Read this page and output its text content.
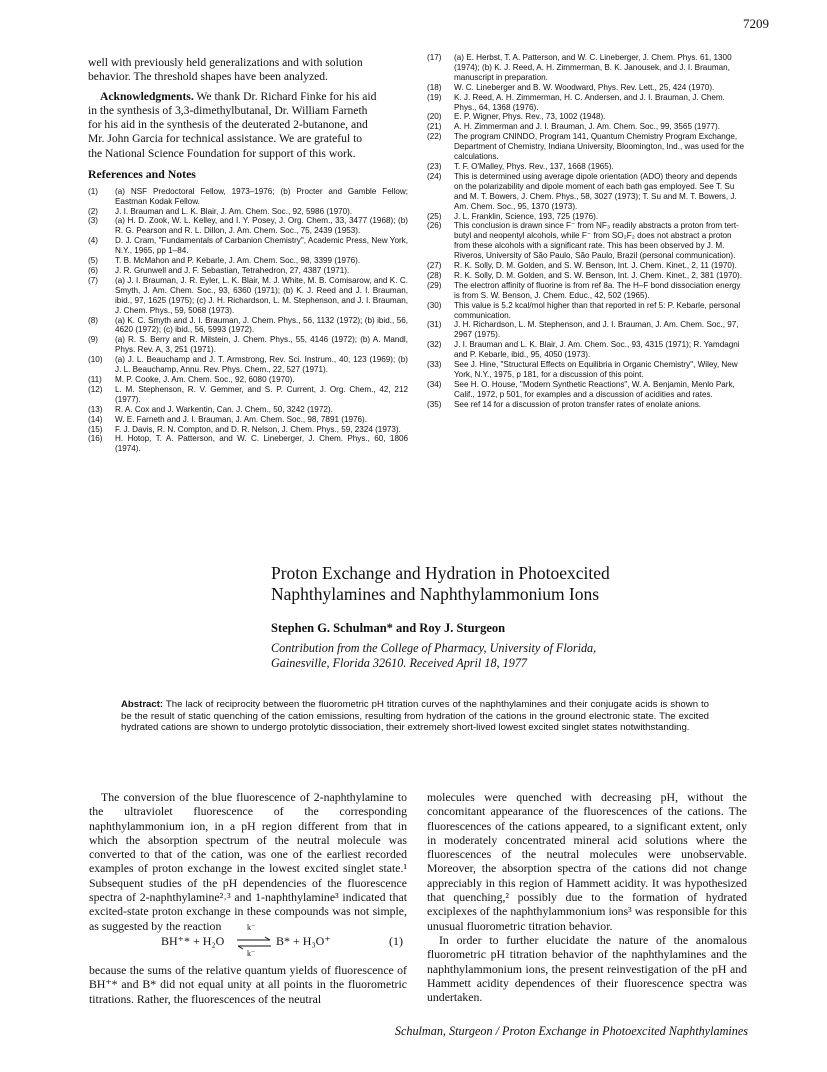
7209
well with previously held generalizations and with solution
behavior. The threshold shapes have been analyzed.
Acknowledgments. We thank Dr. Richard Finke for his aid
in the synthesis of 3,3-dimethylbutanal, Dr. William Farneth
for his aid in the synthesis of the deuterated 2-butanone, and
Mr. John Garcia for technical assistance. We are grateful to
the National Science Foundation for support of this work.
References and Notes
(1)	(a) NSF Predoctoral Fellow, 1973–1976; (b) Procter and Gamble Fellow; Eastman Kodak Fellow.
(2)	J. I. Brauman and L. K. Blair, J. Am. Chem. Soc., 92, 5986 (1970).
(3)	(a) H. D. Zook, W. L. Kelley, and I. Y. Posey, J. Org. Chem., 33, 3477 (1968); (b) R. G. Pearson and R. L. Dillon, J. Am. Chem. Soc., 75, 2439 (1953).
(4)	D. J. Cram, "Fundamentals of Carbanion Chemistry", Academic Press, New York, N.Y., 1965, pp 1–84.
(5)	T. B. McMahon and P. Kebarle, J. Am. Chem. Soc., 98, 3399 (1976).
(6)	J. R. Grunwell and J. F. Sebastian, Tetrahedron, 27, 4387 (1971).
(7)	(a) J. I. Brauman, J. R. Eyler, L. K. Blair, M. J. White, M. B. Comisarow, and K. C. Smyth, J. Am. Chem. Soc., 93, 6360 (1971); (b) K. J. Reed and J. I. Brauman, ibid., 97, 1625 (1975); (c) J. H. Richardson, L. M. Stephenson, and J. I. Brauman, J. Chem. Phys., 59, 5068 (1973).
(8)	(a) K. C. Smyth and J. I. Brauman, J. Chem. Phys., 56, 1132 (1972); (b) ibid., 56, 4620 (1972); (c) ibid., 56, 5993 (1972).
(9)	(a) R. S. Berry and R. Milstein, J. Chem. Phys., 55, 4146 (1972); (b) A. Mandl, Phys. Rev. A, 3, 251 (1971).
(10)	(a) J. L. Beauchamp and J. T. Armstrong, Rev. Sci. Instrum., 40, 123 (1969); (b) J. L. Beauchamp, Annu. Rev. Phys. Chem., 22, 527 (1971).
(11)	M. P. Cooke, J. Am. Chem. Soc., 92, 6080 (1970).
(12)	L. M. Stephenson, R. V. Gemmer, and S. P. Current, J. Org. Chem., 42, 212 (1977).
(13)	R. A. Cox and J. Warkentin, Can. J. Chem., 50, 3242 (1972).
(14)	W. E. Farneth and J. I. Brauman, J. Am. Chem. Soc., 98, 7891 (1976).
(15)	F. J. Davis, R. N. Compton, and D. R. Nelson, J. Chem. Phys., 59, 2324 (1973).
(16)	H. Hotop, T. A. Patterson, and W. C. Lineberger, J. Chem. Phys., 60, 1806 (1974).
(17)	(a) E. Herbst, T. A. Patterson, and W. C. Lineberger, J. Chem. Phys. 61, 1300 (1974); (b) K. J. Reed, A. H. Zimmerman, B. K. Janousek, and J. I. Brauman, manuscript in preparation.
(18)	W. C. Lineberger and B. W. Woodward, Phys. Rev. Lett., 25, 424 (1970).
(19)	K. J. Reed, A. H. Zimmerman, H. C. Andersen, and J. I. Brauman, J. Chem. Phys., 64, 1368 (1976).
(20)	E. P. Wigner, Phys. Rev., 73, 1002 (1948).
(21)	A. H. Zimmerman and J. I. Brauman, J. Am. Chem. Soc., 99, 3565 (1977).
(22)	The program CNINDO, Program 141, Quantum Chemistry Program Exchange, Department of Chemistry, Indiana University, Bloomington, Ind., was used for the calculations.
(23)	T. F. O'Malley, Phys. Rev., 137, 1668 (1965).
(24)	This is determined using average dipole orientation (ADO) theory and depends on the polarizability and dipole moment of each bath gas employed. See T. Su and M. T. Bowers, J. Chem. Phys., 58, 3027 (1973); T. Su and M. T. Bowers, J. Am. Chem. Soc., 95, 1370 (1973).
(25)	J. L. Franklin, Science, 193, 725 (1976).
(26)	This conclusion is drawn since F⁻ from NF₃ readily abstracts a proton from tert-butyl and neopentyl alcohols, while F⁻ from SO₂F₂ does not abstract a proton from these alcohols with a significant rate. This has been observed by J. M. Riveros, University of São Paulo, São Paulo, Brazil (personal communication).
(27)	R. K. Solly, D. M. Golden, and S. W. Benson, Int. J. Chem. Kinet., 2, 11 (1970).
(28)	R. K. Solly, D. M. Golden, and S. W. Benson, Int. J. Chem. Kinet., 2, 381 (1970).
(29)	The electron affinity of fluorine is from ref 8a. The H–F bond dissociation energy is from S. W. Benson, J. Chem. Educ., 42, 502 (1965).
(30)	This value is 5.2 kcal/mol higher than that reported in ref 5: P. Kebarle, personal communication.
(31)	J. H. Richardson, L. M. Stephenson, and J. I. Brauman, J. Am. Chem. Soc., 97, 2967 (1975).
(32)	J. I. Brauman and L. K. Blair, J. Am. Chem. Soc., 93, 4315 (1971); R. Yamdagni and P. Kebarle, ibid., 95, 4050 (1973).
(33)	See J. Hine, "Structural Effects on Equilibria in Organic Chemistry", Wiley, New York, N.Y., 1975, p 181, for a discussion of this point.
(34)	See H. O. House, "Modern Synthetic Reactions", W. A. Benjamin, Menlo Park, Calif., 1972, p 501, for examples and a discussion of acidities and rates.
(35)	See ref 14 for a discussion of proton transfer rates of enolate anions.
Proton Exchange and Hydration in Photoexcited
Naphthylamines and Naphthylammonium Ions
Stephen G. Schulman* and Roy J. Sturgeon
Contribution from the College of Pharmacy, University of Florida,
Gainesville, Florida 32610. Received April 18, 1977
Abstract: The lack of reciprocity between the fluorometric pH titration curves of the naphthylamines and their conjugate acids is shown to be the result of static quenching of the cation emissions, resulting from hydration of the cations in the ground electronic state. The excited hydrated cations are shown to undergo protolytic dissociation, their extremely short-lived lowest excited singlet states notwithstanding.
The conversion of the blue fluorescence of 2-naphthylamine to the ultraviolet fluorescence of the corresponding naphthylammonium ion, in a pH region different from that in which the absorption spectrum of the neutral molecule was converted to that of the cation, was one of the earliest recorded examples of proton exchange in the lowest excited singlet state.¹ Subsequent studies of the pH dependencies of the fluorescence spectra of 2-naphthylamine²˒³ and 1-naphthylamine³ indicated that excited-state proton exchange in these compounds was not simple, as suggested by the reaction
BH⁺* + H₂O ⇌
k⁻
k⁻
B* + H₃O⁺	(1)
because the sums of the relative quantum yields of fluorescence of BH⁺* and B* did not equal unity at all points in the fluorometric titrations. Rather, the fluorescences of the neutral
molecules were quenched with decreasing pH, without the concomitant appearance of the fluorescences of the cations. The fluorescences of the cations appeared, to a significant extent, only in moderately concentrated mineral acid solutions where the fluorescences of the neutral molecules were unobservable. Moreover, the absorption spectra of the cations did not change appreciably in this region of Hammett acidity. It was hypothesized that quenching,² possibly due to the formation of hydrated exciplexes of the naphthylammonium ions³ was responsible for this unusual fluorometric titration behavior.
In order to further elucidate the nature of the anomalous fluorometric pH titration behavior of the naphthylamines and the naphthylammonium ions, the present reinvestigation of the pH and Hammett acidity dependences of their fluorescence spectra was undertaken.
Schulman, Sturgeon / Proton Exchange in Photoexcited Naphthylamines
